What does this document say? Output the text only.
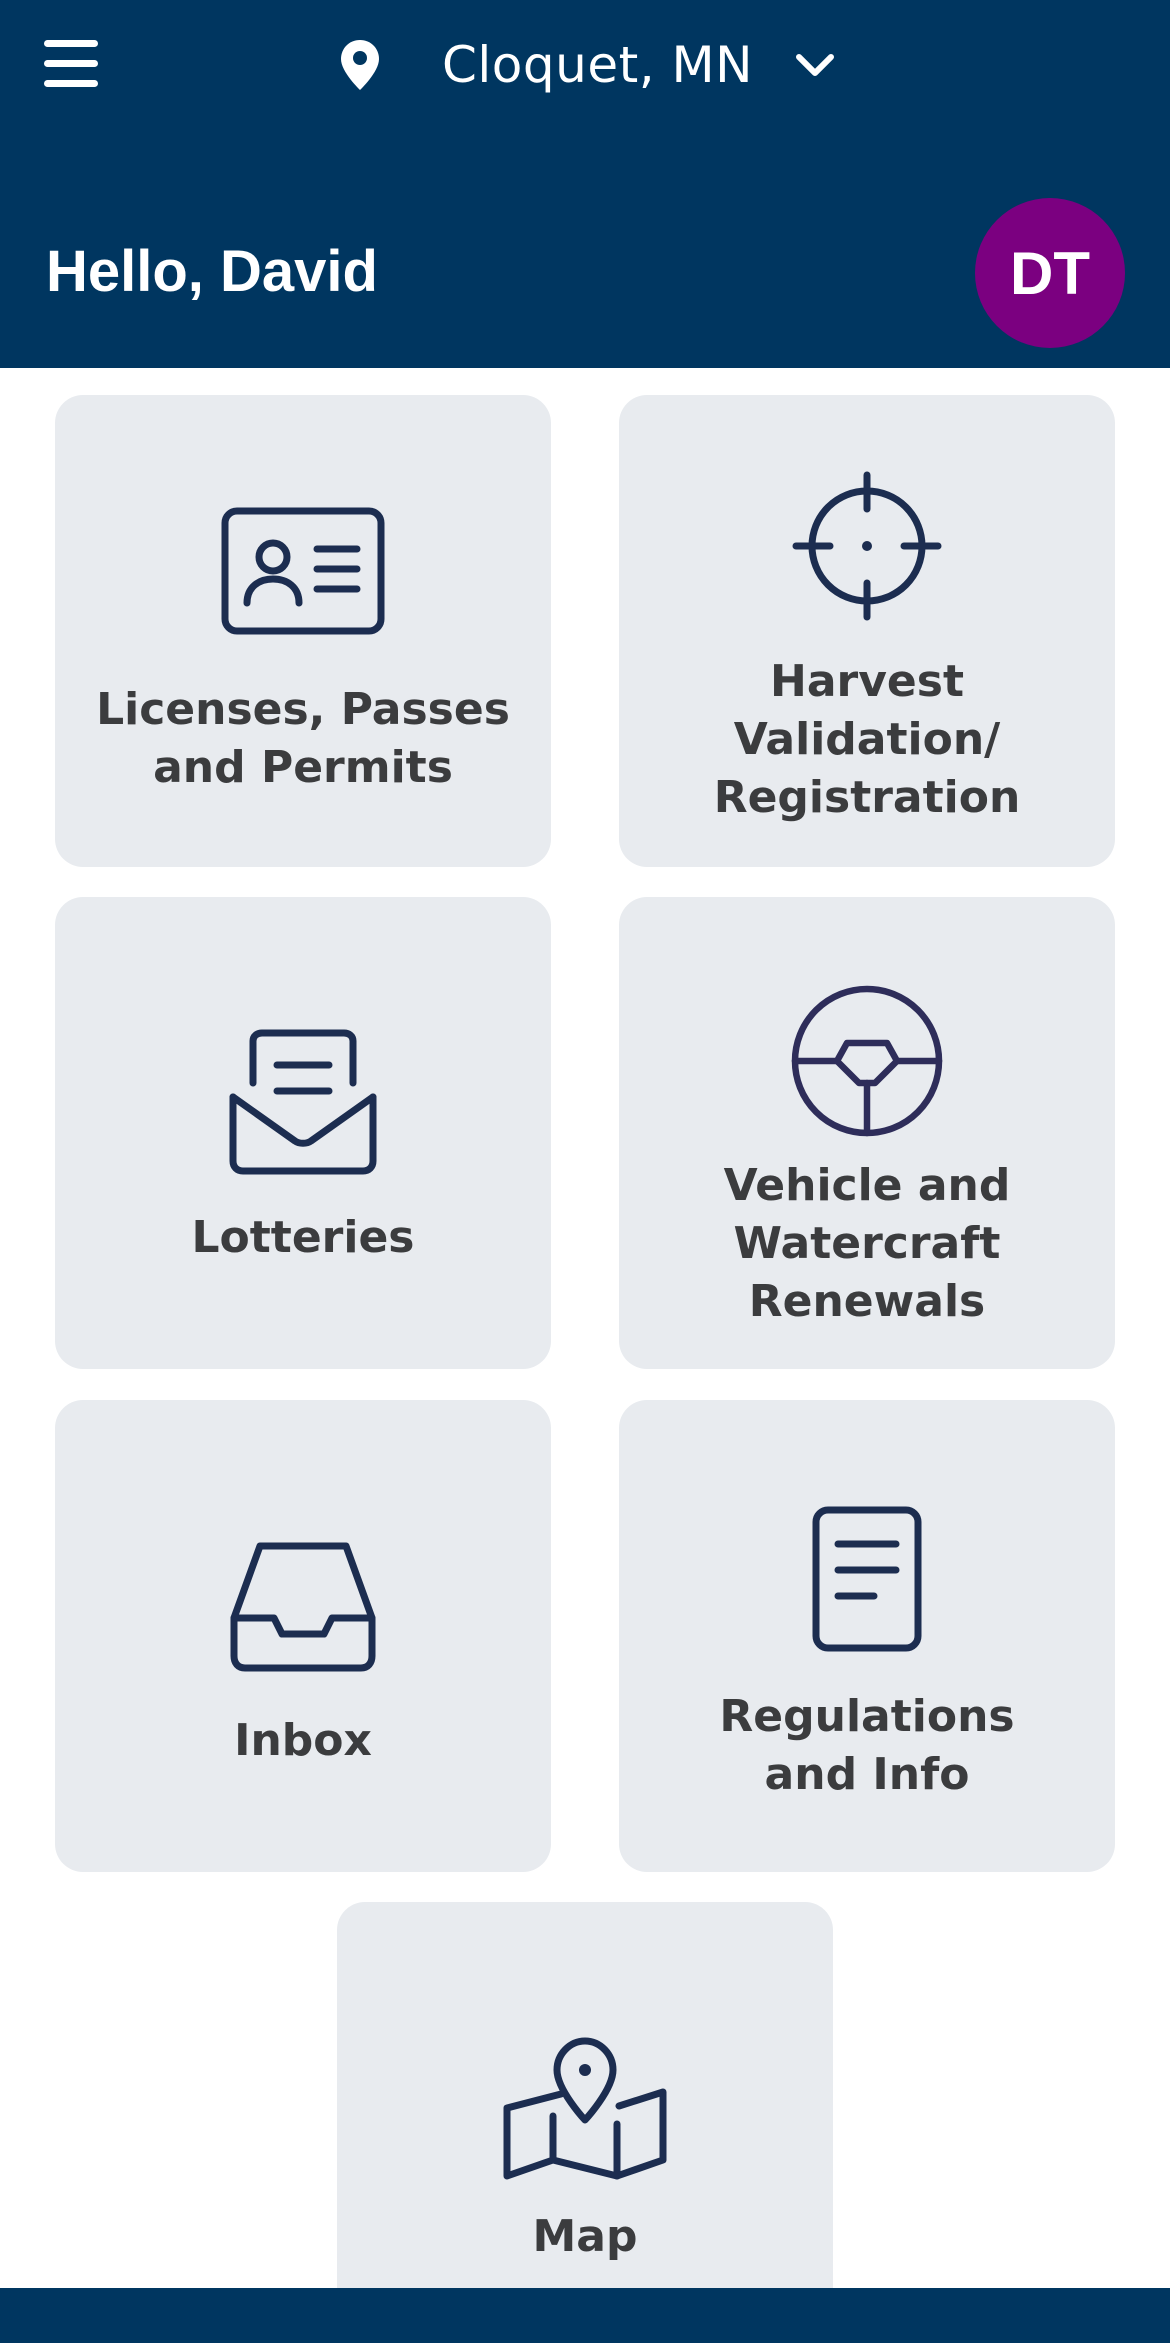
Cloquet, MN
Hello, David	DT
Licenses, Passes
and Permits
Harvest
Validation/
Registration
Lotteries
Vehicle and
Watercraft
Renewals
Inbox	Regulations
and Info
Map
